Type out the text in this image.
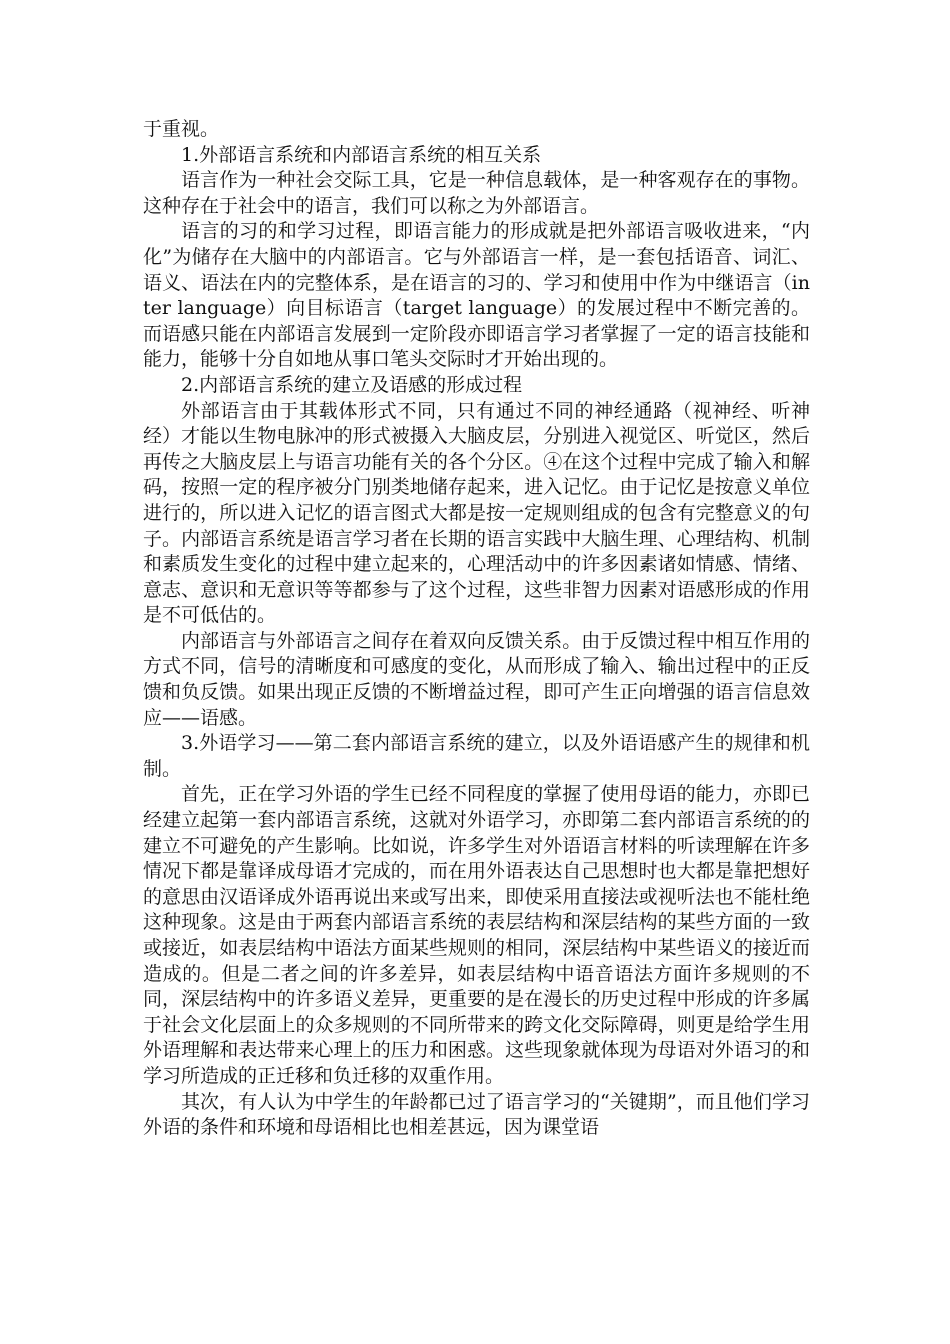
于重视。

1.外部语言系统和内部语言系统的相互关系

语言作为一种社会交际工具，它是一种信息载体，是一种客观存在的事物。这种存在于社会中的语言，我们可以称之为外部语言。

语言的习的和学习过程，即语言能力的形成就是把外部语言吸收进来，“内化”为储存在大脑中的内部语言。它与外部语言一样，是一套包括语音、词汇、语义、语法在内的完整体系，是在语言的习的、学习和使用中作为中继语言（inter language）向目标语言（target language）的发展过程中不断完善的。而语感只能在内部语言发展到一定阶段亦即语言学习者掌握了一定的语言技能和能力，能够十分自如地从事口笔头交际时才开始出现的。

2.内部语言系统的建立及语感的形成过程

外部语言由于其载体形式不同，只有通过不同的神经通路（视神经、听神经）才能以生物电脉冲的形式被摄入大脑皮层，分别进入视觉区、听觉区，然后再传之大脑皮层上与语言功能有关的各个分区。④在这个过程中完成了输入和解码，按照一定的程序被分门别类地储存起来，进入记忆。由于记忆是按意义单位进行的，所以进入记忆的语言图式大都是按一定规则组成的包含有完整意义的句子。内部语言系统是语言学习者在长期的语言实践中大脑生理、心理结构、机制和素质发生变化的过程中建立起来的，心理活动中的许多因素诸如情感、情绪、意志、意识和无意识等等都参与了这个过程，这些非智力因素对语感形成的作用是不可低估的。

内部语言与外部语言之间存在着双向反馈关系。由于反馈过程中相互作用的方式不同，信号的清晰度和可感度的变化，从而形成了输入、输出过程中的正反馈和负反馈。如果出现正反馈的不断增益过程，即可产生正向增强的语言信息效应——语感。

3.外语学习——第二套内部语言系统的建立，以及外语语感产生的规律和机制。

首先，正在学习外语的学生已经不同程度的掌握了使用母语的能力，亦即已经建立起第一套内部语言系统，这就对外语学习，亦即第二套内部语言系统的的建立不可避免的产生影响。比如说，许多学生对外语语言材料的听读理解在许多情况下都是靠译成母语才完成的，而在用外语表达自己思想时也大都是靠把想好的意思由汉语译成外语再说出来或写出来，即使采用直接法或视听法也不能杜绝这种现象。这是由于两套内部语言系统的表层结构和深层结构的某些方面的一致或接近，如表层结构中语法方面某些规则的相同，深层结构中某些语义的接近而造成的。但是二者之间的许多差异，如表层结构中语音语法方面许多规则的不同，深层结构中的许多语义差异，更重要的是在漫长的历史过程中形成的许多属于社会文化层面上的众多规则的不同所带来的跨文化交际障碍，则更是给学生用外语理解和表达带来心理上的压力和困惑。这些现象就体现为母语对外语习的和学习所造成的正迁移和负迁移的双重作用。

其次，有人认为中学生的年龄都已过了语言学习的“关键期”，而且他们学习外语的条件和环境和母语相比也相差甚远，因为课堂语
